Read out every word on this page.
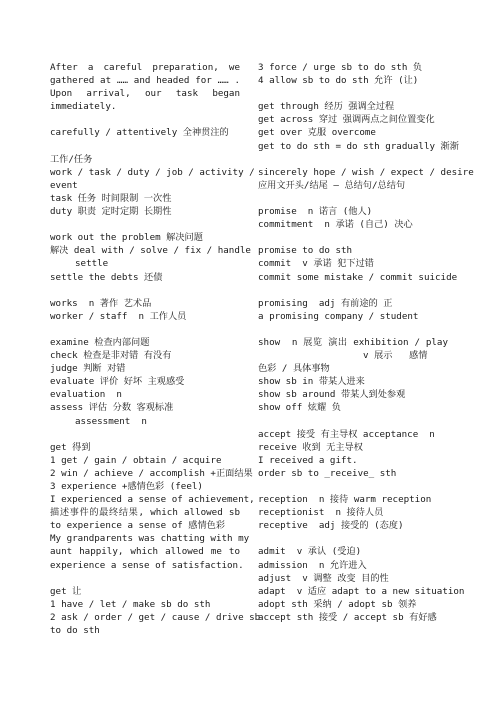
After a careful preparation, we
gathered at …… and headed for …… .
Upon arrival, our task began
immediately.
carefully / attentively 全神贯注的
工作/任务
work / task / duty / job / activity /
event
task 任务 时间限制 一次性
duty 职责 定时定期 长期性
work out the problem 解决问题
解决 deal with / solve / fix / handle
settle
settle the debts 还债
works  n 著作 艺术品
worker / staff  n 工作人员
examine 检查内部问题
check 检查是非对错 有没有
judge 判断 对错
evaluate 评价 好坏 主观感受
evaluation  n
assess 评估 分数 客观标准
assessment  n
get 得到
1 get / gain / obtain / acquire
2 win / achieve / accomplish +正面结果
3 experience +感情色彩 (feel)
I experienced a sense of achievement,
描述事件的最终结果, which allowed sb
to experience a sense of 感情色彩
My grandparents was chatting with my
aunt happily, which allowed me to
experience a sense of satisfaction.
get 让
1 have / let / make sb do sth
2 ask / order / get / cause / drive sb
to do sth
3 force / urge sb to do sth 负
4 allow sb to do sth 允许 (让)
get through 经历 强调全过程
get across 穿过 强调两点之间位置变化
get over 克服 overcome
get to do sth = do sth gradually 渐渐
sincerely hope / wish / expect / desire
应用文开头/结尾 — 总结句/总结句
promise  n 诺言 (他人)
commitment  n 承诺 (自己) 决心
promise to do sth
commit  v 承诺 犯下过错
commit some mistake / commit suicide
promising  adj 有前途的 正
a promising company / student
show  n 展览 演出 exhibition / play
v 展示   感情
色彩 / 具体事物
show sb in 带某人进来
show sb around 带某人到处参观
show off 炫耀 负
accept 接受 有主导权 acceptance  n
receive 收到 无主导权
I received a gift.
order sb to _receive_ sth
reception  n 接待 warm reception
receptionist  n 接待人员
receptive  adj 接受的 (态度)
admit  v 承认 (受迫)
admission  n 允许进入
adjust  v 调整 改变 目的性
adapt  v 适应 adapt to a new situation
adopt sth 采纳 / adopt sb 领养
accept sth 接受 / accept sb 有好感
